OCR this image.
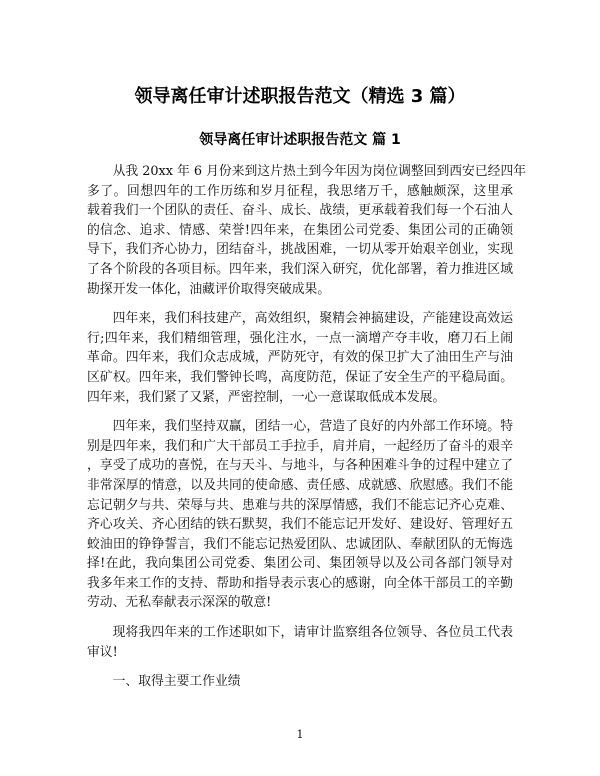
领导离任审计述职报告范文（精选 3 篇）
领导离任审计述职报告范文 篇 1
从我 20xx 年 6 月份来到这片热土到今年因为岗位调整回到西安已经四年
多了。回想四年的工作历练和岁月征程，我思绪万千，感触颇深，这里承
载着我们一个团队的责任、奋斗、成长、战绩，更承载着我们每一个石油人
的信念、追求、情感、荣誉!四年来，在集团公司党委、集团公司的正确领
导下，我们齐心协力，团结奋斗，挑战困难，一切从零开始艰辛创业，实现
了各个阶段的各项目标。四年来，我们深入研究，优化部署，着力推进区域
勘探开发一体化，油藏评价取得突破成果。
四年来，我们科技建产，高效组织，聚精会神搞建设，产能建设高效运
行;四年来，我们精细管理，强化注水，一点一滴增产夺丰收，磨刀石上闹
革命。四年来，我们众志成城，严防死守，有效的保卫扩大了油田生产与油
区矿权。四年来，我们警钟长鸣，高度防范，保证了安全生产的平稳局面。
四年来，我们紧了又紧，严密控制，一心一意谋取低成本发展。
四年来，我们坚持双赢，团结一心，营造了良好的内外部工作环境。特
别是四年来，我们和广大干部员工手拉手，肩并肩，一起经历了奋斗的艰辛
，享受了成功的喜悦，在与天斗、与地斗，与各种困难斗争的过程中建立了
非常深厚的情意，以及共同的使命感、责任感、成就感、欣慰感。我们不能
忘记朝夕与共、荣辱与共、患难与共的深厚情感，我们不能忘记齐心克难、
齐心攻关、齐心团结的铁石默契，我们不能忘记开发好、建设好、管理好五
蛟油田的铮铮誓言，我们不能忘记热爱团队、忠诚团队、奉献团队的无悔选
择!在此，我向集团公司党委、集团公司、集团领导以及公司各部门领导对
我多年来工作的支持、帮助和指导表示衷心的感谢，向全体干部员工的辛勤
劳动、无私奉献表示深深的敬意!
现将我四年来的工作述职如下，请审计监察组各位领导、各位员工代表
审议!
一、取得主要工作业绩
1
